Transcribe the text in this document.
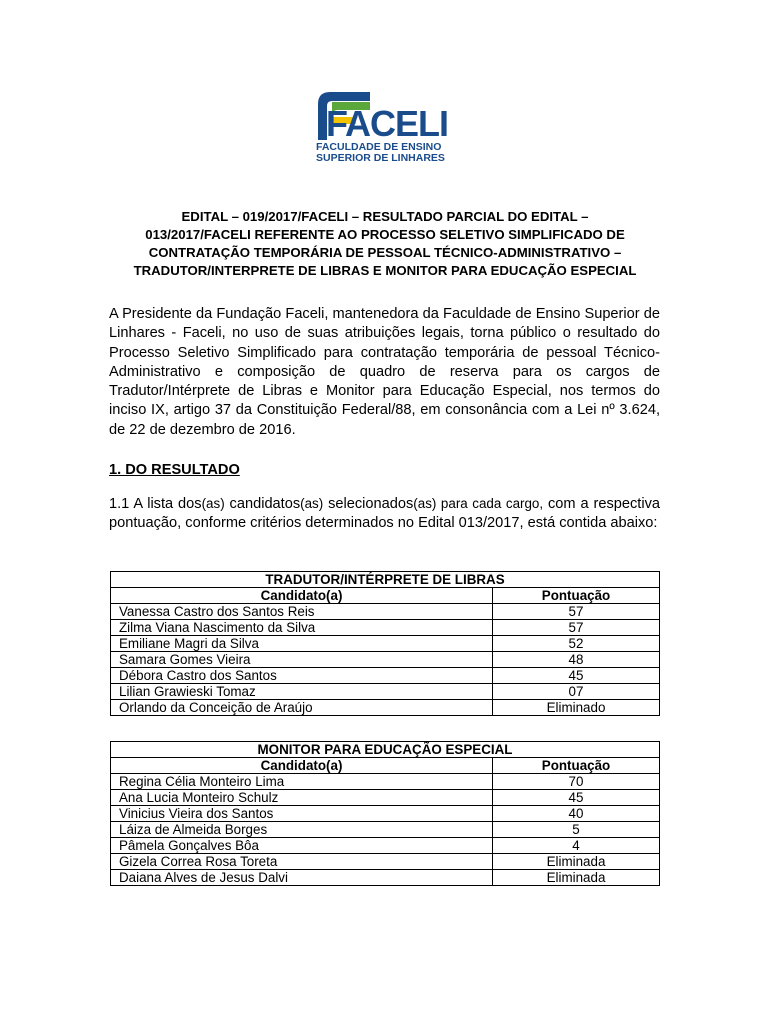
FACELI
FACULDADE DE ENSINO
SUPERIOR DE LINHARES
EDITAL – 019/2017/FACELI – RESULTADO PARCIAL DO EDITAL –
013/2017/FACELI REFERENTE AO PROCESSO SELETIVO SIMPLIFICADO DE
CONTRATAÇÃO TEMPORÁRIA DE PESSOAL TÉCNICO-ADMINISTRATIVO –
TRADUTOR/INTERPRETE DE LIBRAS E MONITOR PARA EDUCAÇÃO ESPECIAL
A Presidente da Fundação Faceli, mantenedora da Faculdade de Ensino Superior de Linhares - Faceli, no uso de suas atribuições legais, torna público o resultado do Processo Seletivo Simplificado para contratação temporária de pessoal Técnico-Administrativo e composição de quadro de reserva para os cargos de Tradutor/Intérprete de Libras e Monitor para Educação Especial, nos termos do inciso IX, artigo 37 da Constituição Federal/88, em consonância com a Lei nº 3.624, de 22 de dezembro de 2016.
1. DO RESULTADO
1.1 A lista dos(as) candidatos(as) selecionados(as) para cada cargo, com a respectiva pontuação, conforme critérios determinados no Edital 013/2017, está contida abaixo:
TRADUTOR/INTÉRPRETE DE LIBRAS	
Candidato(a)	Pontuação
Vanessa Castro dos Santos Reis	57
Zilma Viana Nascimento da Silva	57
Emiliane Magri da Silva	52
Samara Gomes Vieira	48
Débora Castro dos Santos	45
Lilian Grawieski Tomaz	07
Orlando da Conceição de Araújo	Eliminado
MONITOR PARA EDUCAÇÃO ESPECIAL	
Candidato(a)	Pontuação
Regina Célia Monteiro Lima	70
Ana Lucia Monteiro Schulz	45
Vinicius Vieira dos Santos	40
Láiza de Almeida Borges	5
Pâmela Gonçalves Bôa	4
Gizela Correa Rosa Toreta	Eliminada
Daiana Alves de Jesus Dalvi	Eliminada
